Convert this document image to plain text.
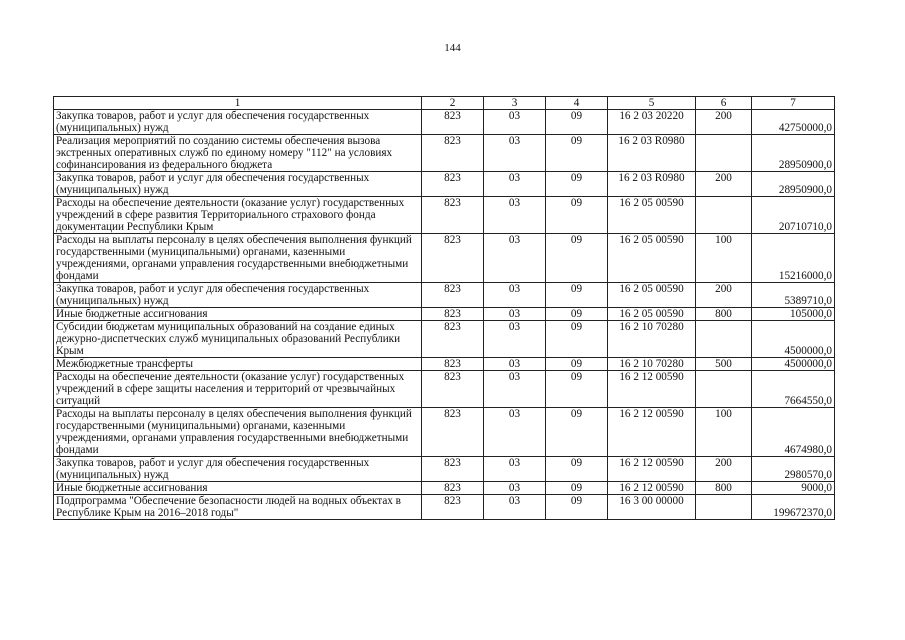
144
1	2	3	4	5	6	7
Закупка товаров, работ и услуг для обеспечения государственных (муниципальных) нужд	823	03	09	16 2 03 20220	200	42750000,0
Реализация мероприятий по созданию системы обеспечения вызова экстренных оперативных служб по единому номеру "112" на условиях софинансирования из федерального бюджета	823	03	09	16 2 03 R0980		28950900,0
Закупка товаров, работ и услуг для обеспечения государственных (муниципальных) нужд	823	03	09	16 2 03 R0980	200	28950900,0
Расходы на обеспечение деятельности (оказание услуг) государственных учреждений в сфере развития Территориального страхового фонда документации Республики Крым	823	03	09	16 2 05 00590		20710710,0
Расходы на выплаты персоналу в целях обеспечения выполнения функций государственными (муниципальными) органами, казенными учреждениями, органами управления государственными внебюджетными фондами	823	03	09	16 2 05 00590	100	15216000,0
Закупка товаров, работ и услуг для обеспечения государственных (муниципальных) нужд	823	03	09	16 2 05 00590	200	5389710,0
Иные бюджетные ассигнования	823	03	09	16 2 05 00590	800	105000,0
Субсидии бюджетам муниципальных образований на создание единых дежурно-диспетческих служб муниципальных образований Республики Крым	823	03	09	16 2 10 70280		4500000,0
Межбюджетные трансферты	823	03	09	16 2 10 70280	500	4500000,0
Расходы на обеспечение деятельности (оказание услуг) государственных учреждений в сфере защиты населения и территорий от чрезвычайных ситуаций	823	03	09	16 2 12 00590		7664550,0
Расходы на выплаты персоналу в целях обеспечения выполнения функций государственными (муниципальными) органами, казенными учреждениями, органами управления государственными внебюджетными фондами	823	03	09	16 2 12 00590	100	4674980,0
Закупка товаров, работ и услуг для обеспечения государственных (муниципальных) нужд	823	03	09	16 2 12 00590	200	2980570,0
Иные бюджетные ассигнования	823	03	09	16 2 12 00590	800	9000,0
Подпрограмма "Обеспечение безопасности людей на водных объектах в Республике Крым на 2016–2018 годы"	823	03	09	16 3 00 00000		199672370,0
